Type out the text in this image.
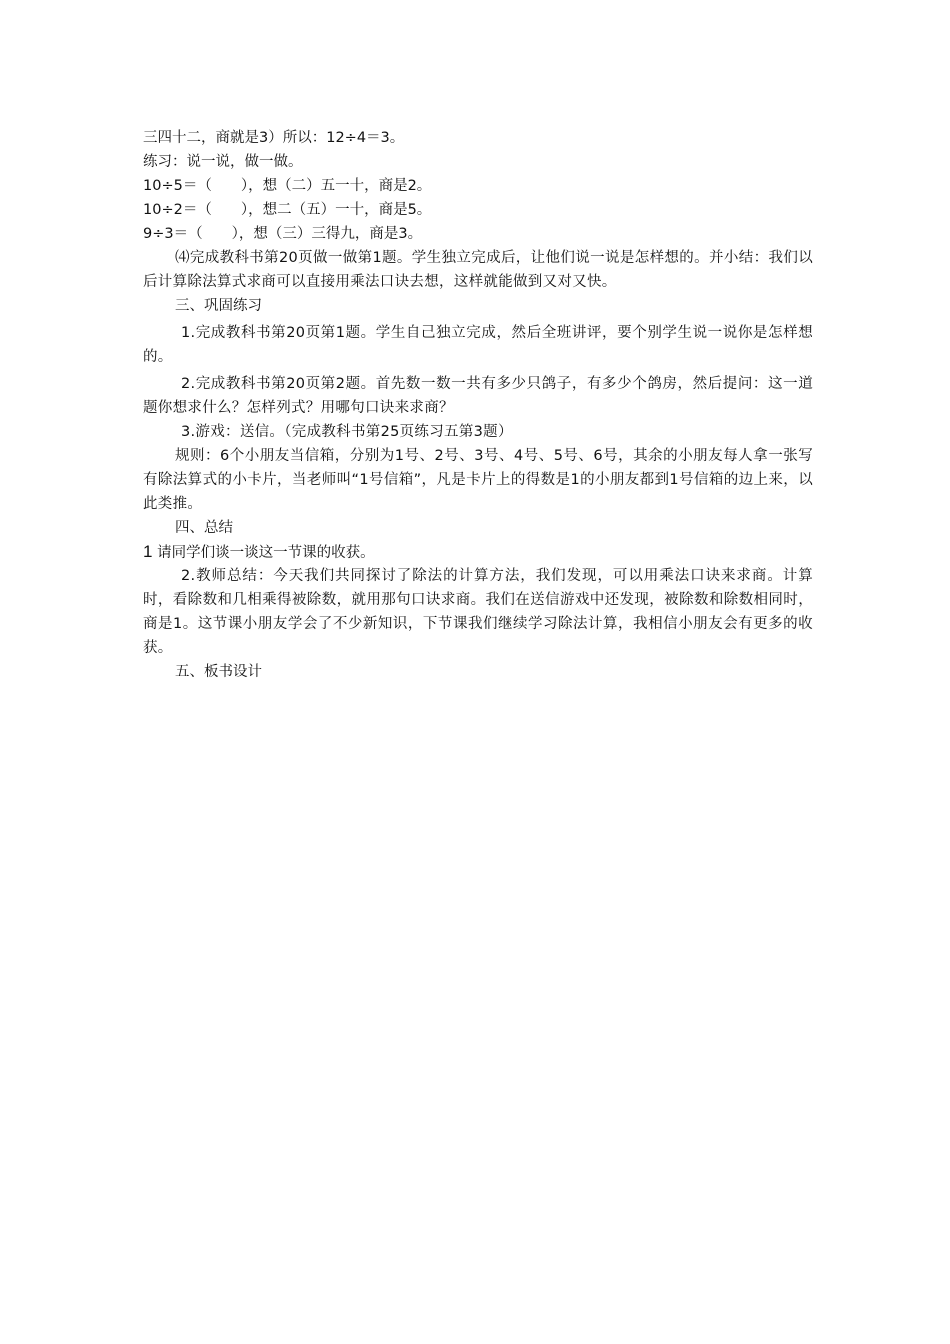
三四十二，商就是3）所以：12÷4＝3。

练习：说一说，做一做。

10÷5＝（　　），想（二）五一十，商是2。

10÷2＝（　　），想二（五）一十，商是5。

9÷3＝（　　），想（三）三得九，商是3。

⑷完成教科书第20页做一做第1题。学生独立完成后，让他们说一说是怎样想的。并小结：我们以后计算除法算式求商可以直接用乘法口诀去想，这样就能做到又对又快。

三、巩固练习

1.完成教科书第20页第1题。学生自己独立完成，然后全班讲评，要个别学生说一说你是怎样想的。

2.完成教科书第20页第2题。首先数一数一共有多少只鸽子，有多少个鸽房，然后提问：这一道题你想求什么？怎样列式？用哪句口诀来求商？

3.游戏：送信。（完成教科书第25页练习五第3题）

规则：6个小朋友当信箱，分别为1号、2号、3号、4号、5号、6号，其余的小朋友每人拿一张写有除法算式的小卡片，当老师叫“1号信箱”，凡是卡片上的得数是1的小朋友都到1号信箱的边上来，以此类推。

四、总结

1 请同学们谈一谈这一节课的收获。

2.教师总结：今天我们共同探讨了除法的计算方法，我们发现，可以用乘法口诀来求商。计算时，看除数和几相乘得被除数，就用那句口诀求商。我们在送信游戏中还发现，被除数和除数相同时，商是1。这节课小朋友学会了不少新知识，下节课我们继续学习除法计算，我相信小朋友会有更多的收获。

五、板书设计
